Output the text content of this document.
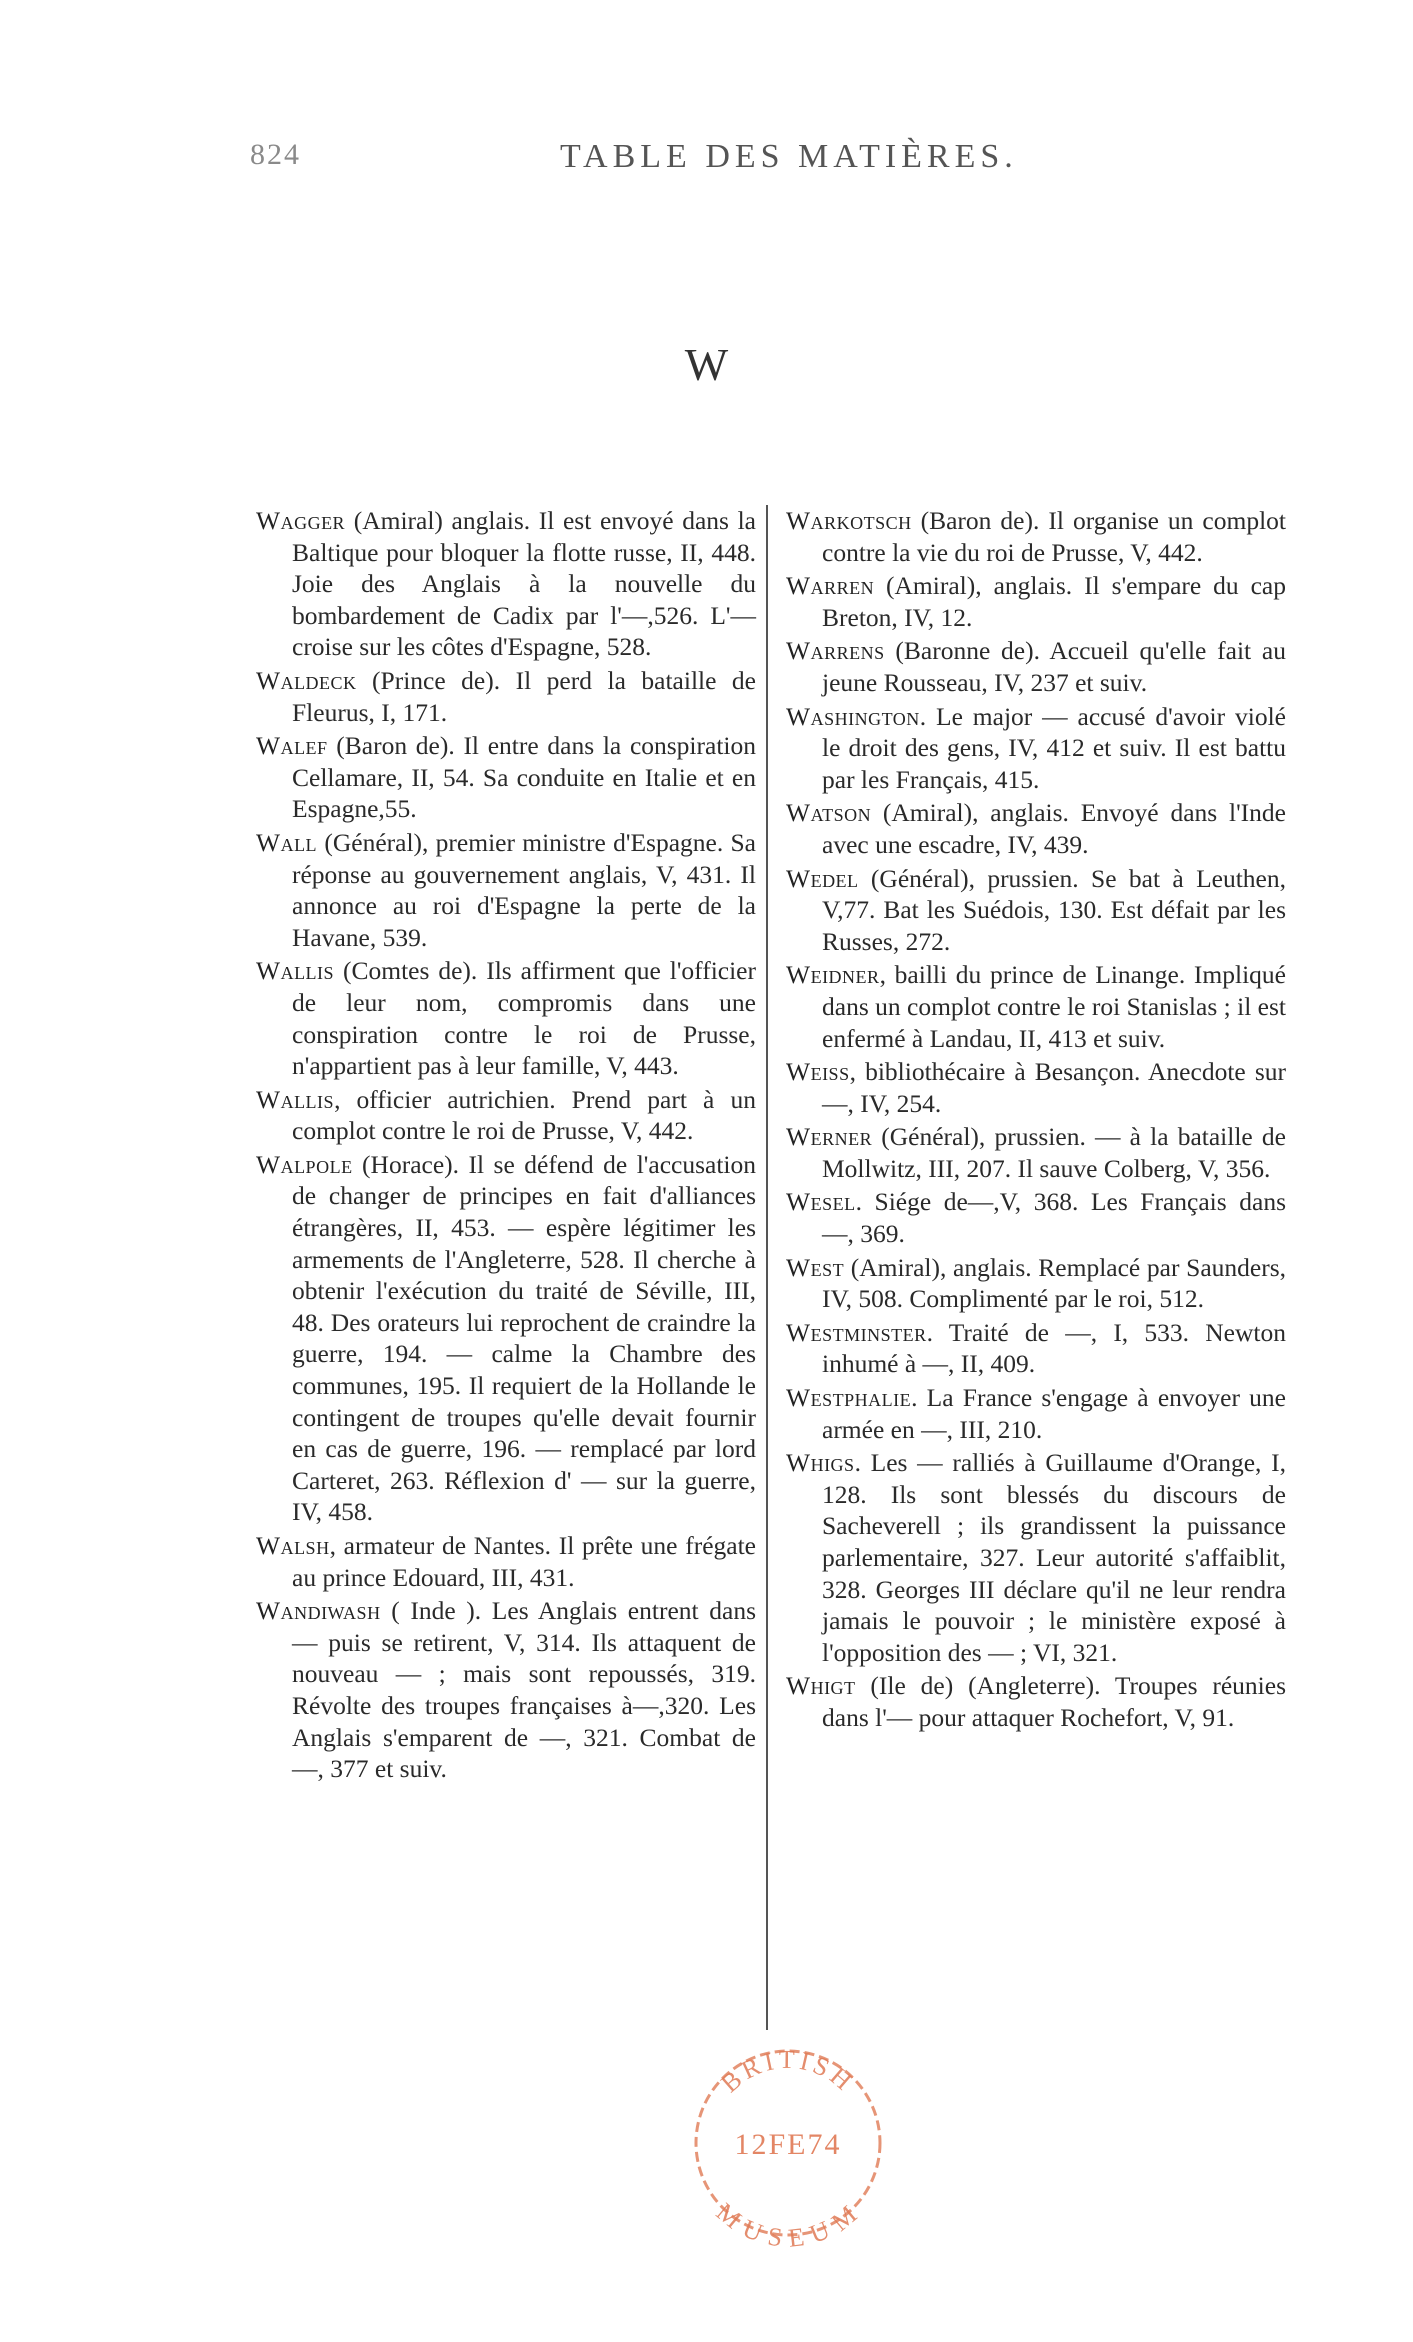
824	TABLE DES MATIÈRES.
W

Wagger (Amiral) anglais. Il est envoyé dans la Baltique pour bloquer la flotte russe, II, 448. Joie des Anglais à la nouvelle du bombardement de Cadix par l'—,526. L'— croise sur les côtes d'Espagne, 528.

Waldeck (Prince de). Il perd la bataille de Fleurus, I, 171.

Walef (Baron de). Il entre dans la conspiration Cellamare, II, 54. Sa conduite en Italie et en Espagne,55.

Wall (Général), premier ministre d'Espagne. Sa réponse au gouvernement anglais, V, 431. Il annonce au roi d'Espagne la perte de la Havane, 539.

Wallis (Comtes de). Ils affirment que l'officier de leur nom, compromis dans une conspiration contre le roi de Prusse, n'appartient pas à leur famille, V, 443.

Wallis, officier autrichien. Prend part à un complot contre le roi de Prusse, V, 442.

Walpole (Horace). Il se défend de l'accusation de changer de principes en fait d'alliances étrangères, II, 453. — espère légitimer les armements de l'Angleterre, 528. Il cherche à obtenir l'exécution du traité de Séville, III, 48. Des orateurs lui reprochent de craindre la guerre, 194. — calme la Chambre des communes, 195. Il requiert de la Hollande le contingent de troupes qu'elle devait fournir en cas de guerre, 196. — remplacé par lord Carteret, 263. Réflexion d' — sur la guerre, IV, 458.

Walsh, armateur de Nantes. Il prête une frégate au prince Edouard, III, 431.

Wandiwash ( Inde ). Les Anglais entrent dans — puis se retirent, V, 314. Ils attaquent de nouveau — ; mais sont repoussés, 319. Révolte des troupes françaises à—,320. Les Anglais s'emparent de —, 321. Combat de —, 377 et suiv.

Warkotsch (Baron de). Il organise un complot contre la vie du roi de Prusse, V, 442.

Warren (Amiral), anglais. Il s'empare du cap Breton, IV, 12.

Warrens (Baronne de). Accueil qu'elle fait au jeune Rousseau, IV, 237 et suiv.

Washington. Le major — accusé d'avoir violé le droit des gens, IV, 412 et suiv. Il est battu par les Français, 415.

Watson (Amiral), anglais. Envoyé dans l'Inde avec une escadre, IV, 439.

Wedel (Général), prussien. Se bat à Leuthen, V,77. Bat les Suédois, 130. Est défait par les Russes, 272.

Weidner, bailli du prince de Linange. Impliqué dans un complot contre le roi Stanislas ; il est enfermé à Landau, II, 413 et suiv.

Weiss, bibliothécaire à Besançon. Anecdote sur —, IV, 254.

Werner (Général), prussien. — à la bataille de Mollwitz, III, 207. Il sauve Colberg, V, 356.

Wesel. Siége de—,V, 368. Les Français dans —, 369.

West (Amiral), anglais. Remplacé par Saunders, IV, 508. Complimenté par le roi, 512.

Westminster. Traité de —, I, 533. Newton inhumé à —, II, 409.

Westphalie. La France s'engage à envoyer une armée en —, III, 210.

Whigs. Les — ralliés à Guillaume d'Orange, I, 128. Ils sont blessés du discours de Sacheverell ; ils grandissent la puissance parlementaire, 327. Leur autorité s'affaiblit, 328. Georges III déclare qu'il ne leur rendra jamais le pouvoir ; le ministère exposé à l'opposition des — ; VI, 321.

Whigt (Ile de) (Angleterre). Troupes réunies dans l'— pour attaquer Rochefort, V, 91.

BRITISH
12FE74
MUSEUM
